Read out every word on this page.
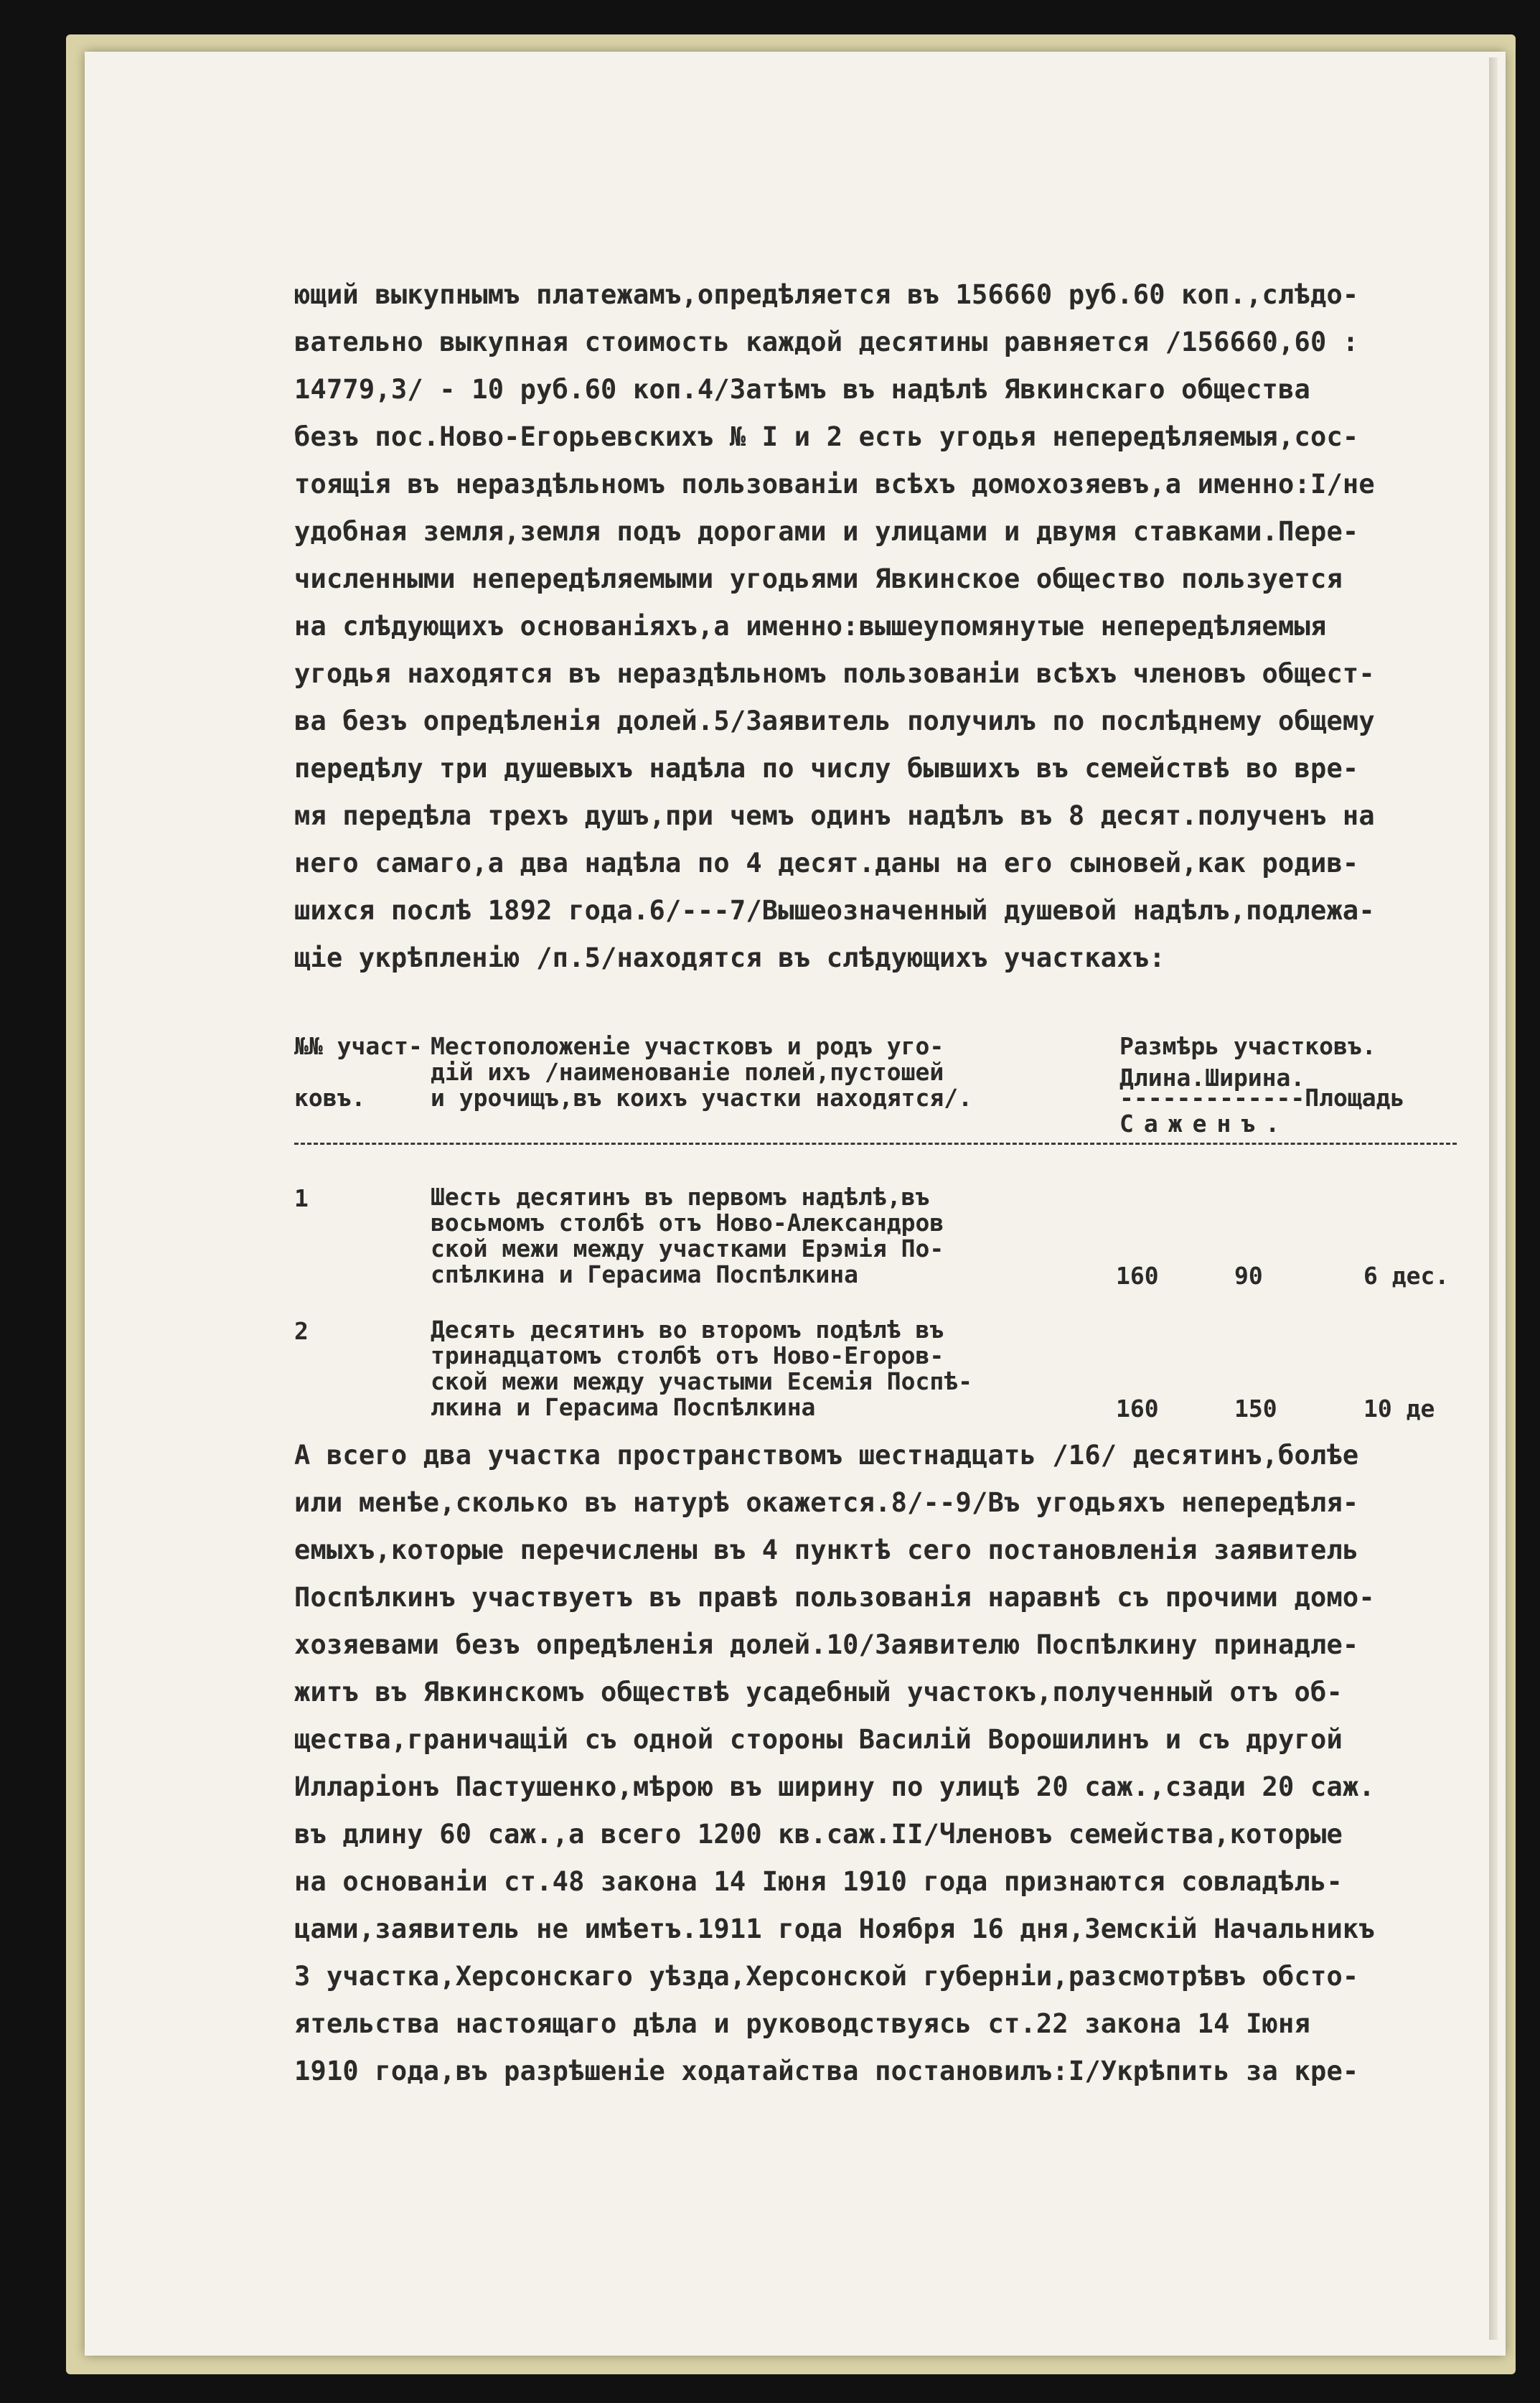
ющий выкупнымъ платежамъ,опредѣляется въ 156660 руб.60 коп.,слѣдо-
вательно выкупная стоимость каждой десятины равняется /156660,60 :
14779,3/ - 10 руб.60 коп.4/Затѣмъ въ надѣлѣ Явкинскаго общества
безъ пос.Ново-Егорьевскихъ № I и 2 есть угодья непередѣляемыя,сос-
тоящія въ нераздѣльномъ пользованіи всѣхъ домохозяевъ,а именно:I/не
удобная земля,земля подъ дорогами и улицами и двумя ставками.Пере-
численными непередѣляемыми угодьями Явкинское общество пользуется
на слѣдующихъ основаніяхъ,а именно:вышеупомянутые непередѣляемыя
угодья находятся въ нераздѣльномъ пользованіи всѣхъ членовъ общест-
ва безъ опредѣленія долей.5/Заявитель получилъ по послѣднему общему
передѣлу три душевыхъ надѣла по числу бывшихъ въ семействѣ во вре-
мя передѣла трехъ душъ,при чемъ одинъ надѣлъ въ 8 десят.полученъ на
него самаго,а два надѣла по 4 десят.даны на его сыновей,как родив-
шихся послѣ 1892 года.6/---7/Вышеозначенный душевой надѣлъ,подлежа-
щіе укрѣпленію /п.5/находятся въ слѣдующихъ участкахъ:
№№ участ-

ковъ.
Местоположеніе участковъ и родъ уго-
дій ихъ /наименованіе полей,пустошей
и урочищъ,въ коихъ участки находятся/.
Размѣрь участковъ.
Длина.Ширина.
-------------Площадь
Саженъ.
1	Шесть десятинъ въ первомъ надѣлѣ,въ
восьмомъ столбѣ отъ Ново-Александров
ской межи между участками Ерэмія По-
спѣлкина и Герасима Поспѣлкина	160	90	6 дес.
2	Десять десятинъ во второмъ подѣлѣ въ
тринадцатомъ столбѣ отъ Ново-Егоров-
ской межи между участыми Есемія Поспѣ-
лкина и Герасима Поспѣлкина	160	150	10 де
А всего два участка пространствомъ шестнадцать /16/ десятинъ,болѣе
или менѣе,сколько въ натурѣ окажется.8/--9/Въ угодьяхъ непередѣля-
емыхъ,которые перечислены въ 4 пунктѣ сего постановленія заявитель
Поспѣлкинъ участвуетъ въ правѣ пользованія наравнѣ съ прочими домо-
хозяевами безъ опредѣленія долей.10/Заявителю Поспѣлкину принадле-
житъ въ Явкинскомъ обществѣ усадебный участокъ,полученный отъ об-
щества,граничащій съ одной стороны Василій Ворошилинъ и съ другой
Илларіонъ Пастушенко,мѣрою въ ширину по улицѣ 20 саж.,сзади 20 саж.
въ длину 60 саж.,а всего 1200 кв.саж.II/Членовъ семейства,которые
на основаніи ст.48 закона 14 Іюня 1910 года признаются совладѣль-
цами,заявитель не имѣетъ.1911 года Ноября 16 дня,Земскій Начальникъ
3 участка,Херсонскаго уѣзда,Херсонской губерніи,разсмотрѣвъ обсто-
ятельства настоящаго дѣла и руководствуясь ст.22 закона 14 Іюня
1910 года,въ разрѣшеніе ходатайства постановилъ:I/Укрѣпить за кре-
